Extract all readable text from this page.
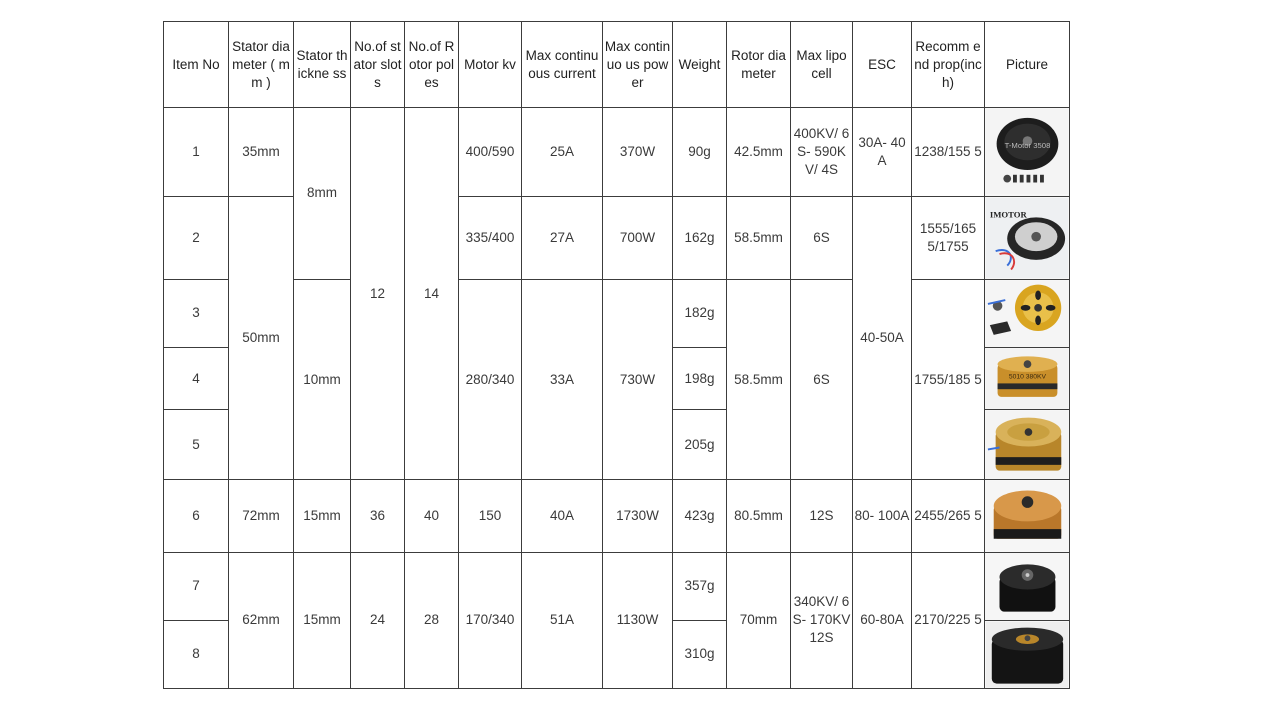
Item No	Stator diameter ( mm )	Stator thickne ss	No.of stator slots	No.of Rotor poles	Motor kv	Max continuous current	Max continuo us power	Weight	Rotor diameter	Max lipo cell	ESC	Recomm end prop(inch)	Picture
1	35mm	8mm	12	14	400/590	25A	370W	90g	42.5mm	400KV/ 6S- 590KV/ 4S	30A- 40A	1238/155 5	T-Motor 3508

2	50mm				335/400	27A	700W	162g	58.5mm	6S	40-50A	1555/165 5/1755	IMOTOR

3		10mm			280/340	33A	730W	182g	58.5mm	6S		1755/185 5	

4								198g					5010 380KV

5								205g	

6	72mm	15mm	36	40	150	40A	1730W	423g	80.5mm	12S	80- 100A	2455/265 5	

7	62mm	15mm	24	28	170/340	51A	1130W	357g	70mm	340KV/ 6S- 170KV 12S	60-80A	2170/225 5	

8								310g	
